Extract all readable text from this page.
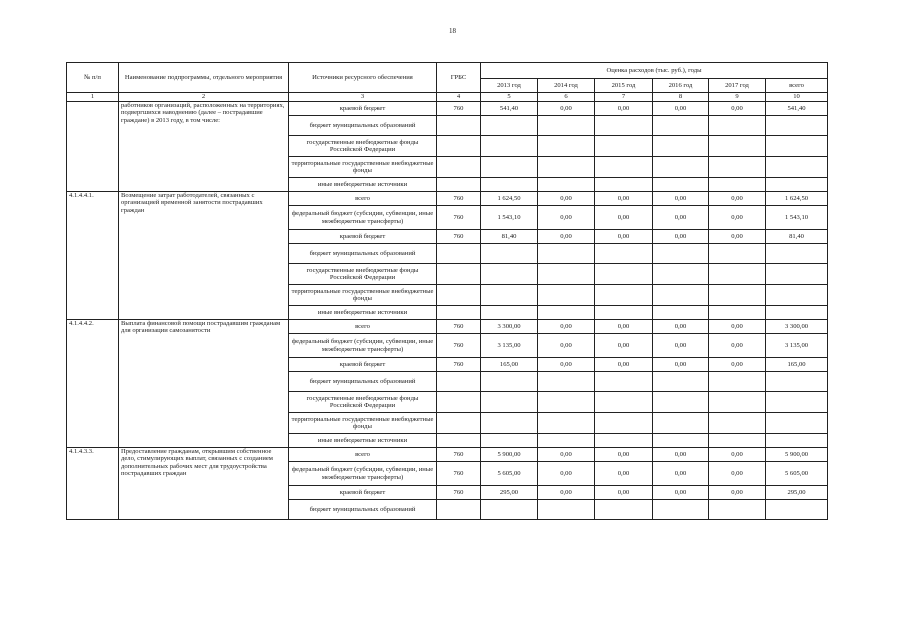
18
№ п/п	Наименование подпрограммы, отдельного мероприятия	Источники ресурсного обеспечения	ГРБС	Оценка расходов (тыс. руб.), годы					
				2013 год	2014 год	2015 год	2016 год	2017 год	всего
1	2	3	4	5	6	7	8	9	10
	работников организаций, расположенных на территориях, подвергшихся наводнению (далее – пострадавшие граждане) в 2013 году, в том числе:	краевой бюджет	760	541,40	0,00	0,00	0,00	0,00	541,40
		бюджет муниципальных образований							
		государственные внебюджетные фонды Российской Федерации							
		территориальные государственные внебюджетные фонды							
		иные внебюджетные источники							
4.1.4.4.1.	Возмещение затрат работодателей, связанных с организацией временной занятости пострадавших граждан	всего	760	1 624,50	0,00	0,00	0,00	0,00	1 624,50
		федеральный бюджет (субсидии, субвенции, иные межбюджетные трансферты)	760	1 543,10	0,00	0,00	0,00	0,00	1 543,10
		краевой бюджет	760	81,40	0,00	0,00	0,00	0,00	81,40
		бюджет муниципальных образований							
		государственные внебюджетные фонды Российской Федерации							
		территориальные государственные внебюджетные фонды							
		иные внебюджетные источники							
4.1.4.4.2.	Выплата финансовой помощи пострадавшим гражданам для организации самозанятости	всего	760	3 300,00	0,00	0,00	0,00	0,00	3 300,00
		федеральный бюджет (субсидии, субвенции, иные межбюджетные трансферты)	760	3 135,00	0,00	0,00	0,00	0,00	3 135,00
		краевой бюджет	760	165,00	0,00	0,00	0,00	0,00	165,00
		бюджет муниципальных образований							
		государственные внебюджетные фонды Российской Федерации							
		территориальные государственные внебюджетные фонды							
		иные внебюджетные источники							
4.1.4.3.3.	Предоставление гражданам, открывшим собственное дело, стимулирующих выплат, связанных с созданием дополнительных рабочих мест для трудоустройства пострадавших граждан	всего	760	5 900,00	0,00	0,00	0,00	0,00	5 900,00
		федеральный бюджет (субсидии, субвенции, иные межбюджетные трансферты)	760	5 605,00	0,00	0,00	0,00	0,00	5 605,00
		краевой бюджет	760	295,00	0,00	0,00	0,00	0,00	295,00
		бюджет муниципальных образований							
